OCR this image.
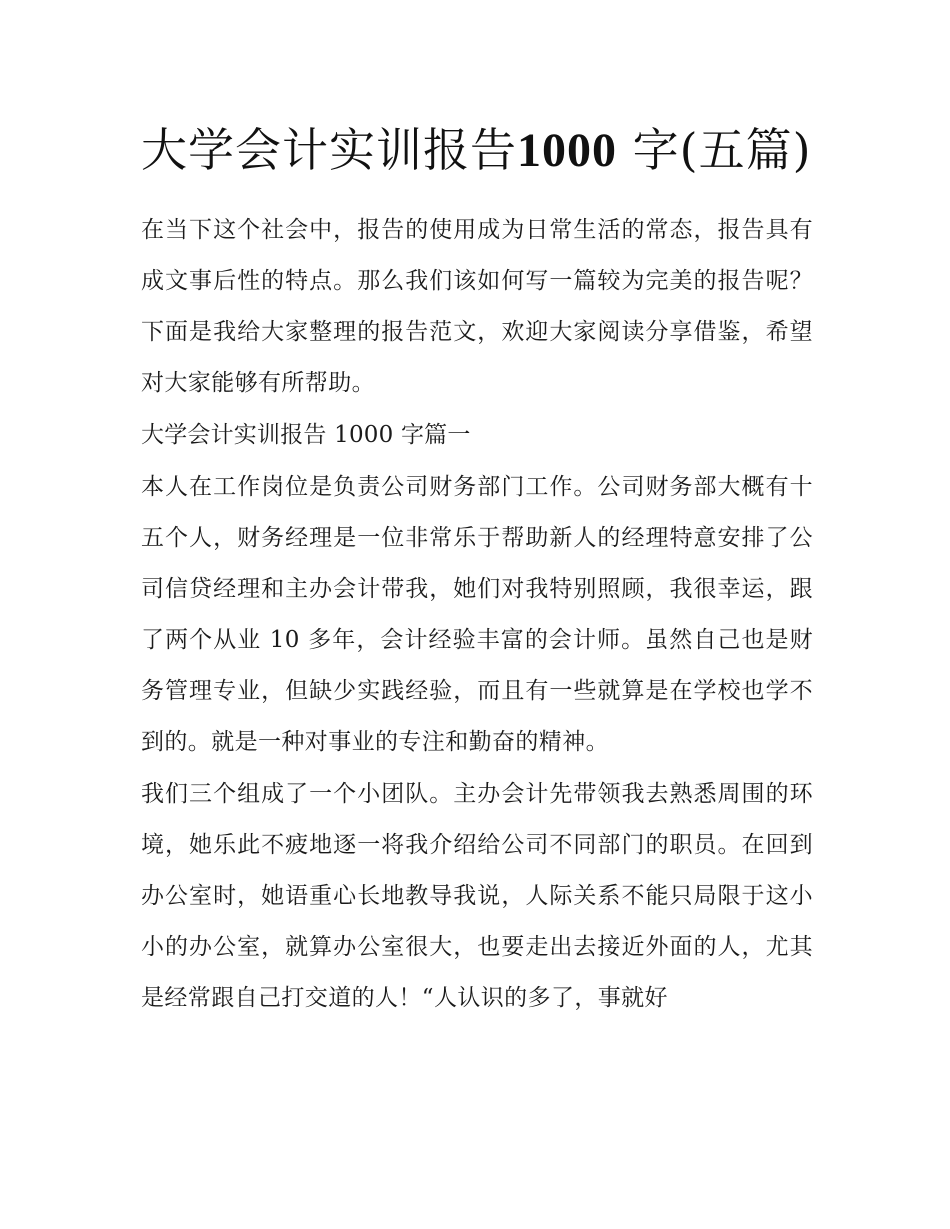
大学会计实训报告1000 字(五篇)

在当下这个社会中，报告的使用成为日常生活的常态，报告具有成文事后性的特点。那么我们该如何写一篇较为完美的报告呢？下面是我给大家整理的报告范文，欢迎大家阅读分享借鉴，希望对大家能够有所帮助。

大学会计实训报告 1000 字篇一

本人在工作岗位是负责公司财务部门工作。公司财务部大概有十五个人，财务经理是一位非常乐于帮助新人的经理特意安排了公司信贷经理和主办会计带我，她们对我特别照顾，我很幸运，跟了两个从业 10 多年，会计经验丰富的会计师。虽然自己也是财务管理专业，但缺少实践经验，而且有一些就算是在学校也学不到的。就是一种对事业的专注和勤奋的精神。

我们三个组成了一个小团队。主办会计先带领我去熟悉周围的环境，她乐此不疲地逐一将我介绍给公司不同部门的职员。在回到办公室时，她语重心长地教导我说，人际关系不能只局限于这小小的办公室，就算办公室很大，也要走出去接近外面的人，尤其是经常跟自己打交道的人！“人认识的多了，事就好
